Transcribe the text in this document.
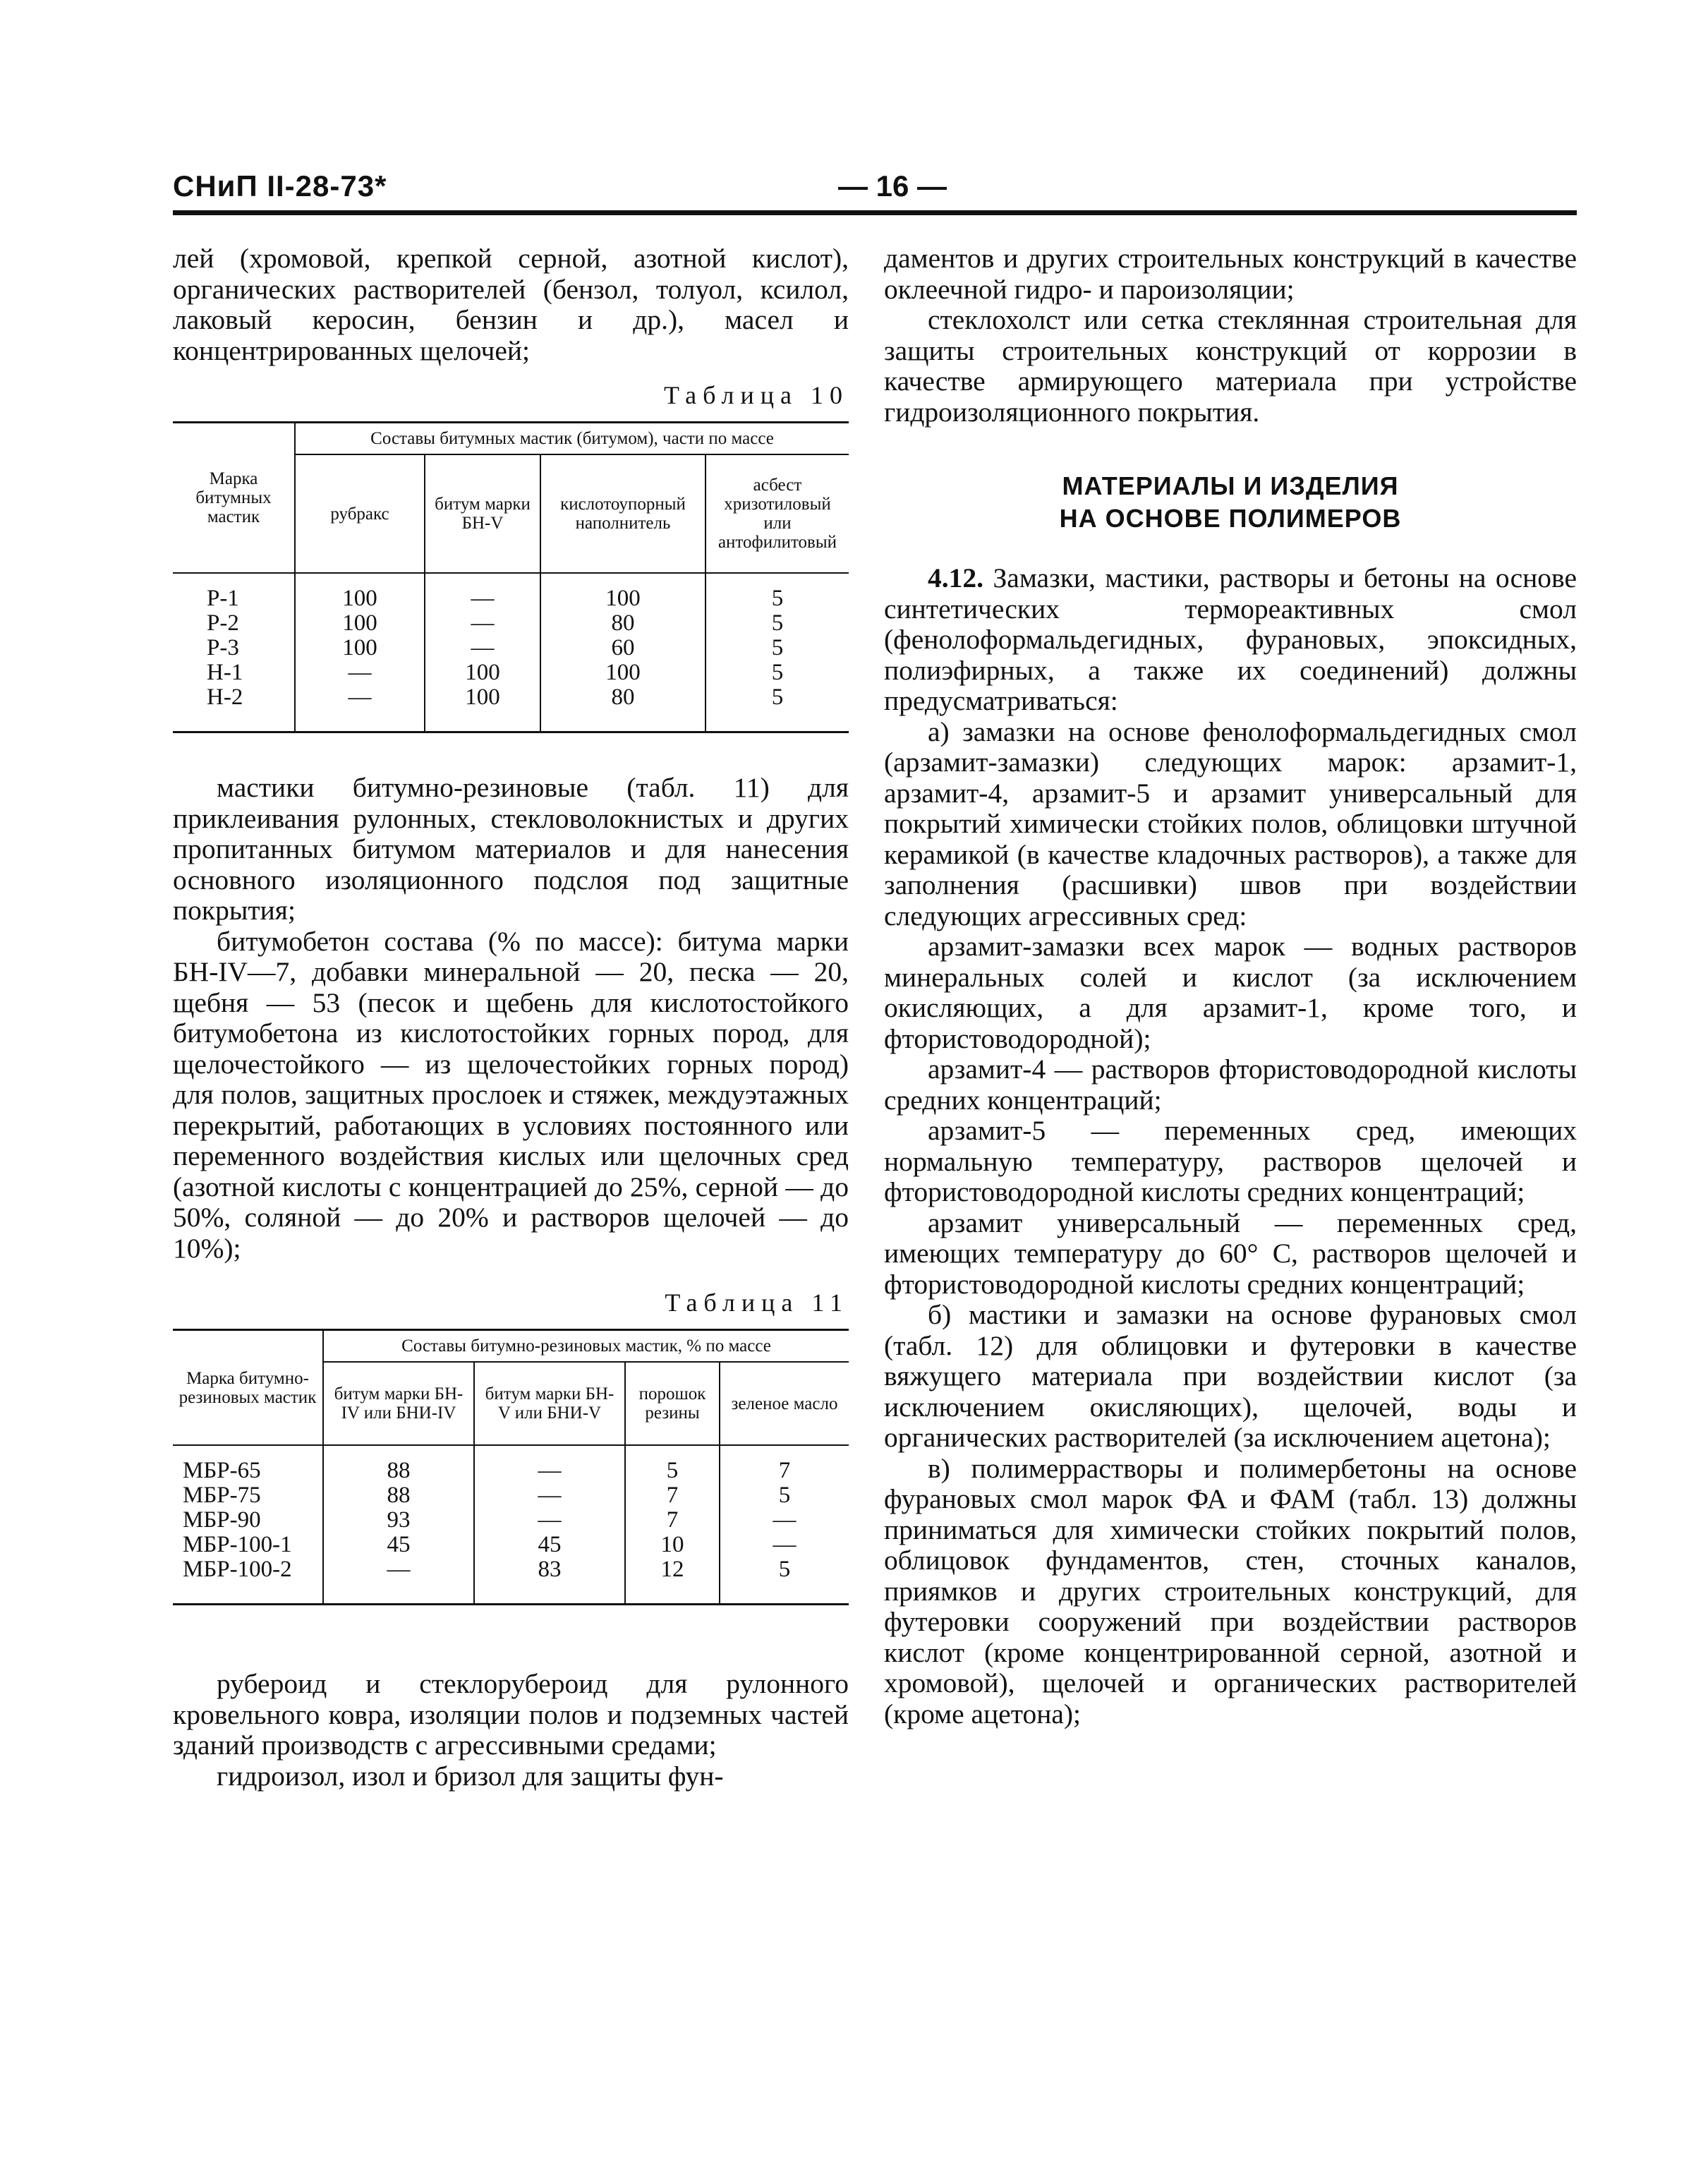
СНиП II-28-73*	— 16 —

лей (хромовой, крепкой серной, азотной кислот), органических растворителей (бензол, толуол, ксилол, лаковый керосин, бензин и др.), масел и концентрированных щелочей;

Таблица 10
Марка битумных мастик	Составы битумных мастик (битумом), части по массе			
	рубракс	битум марки БН-V	кислотоупорный наполнитель	асбест хризотиловый или антофилитовый

Р-1	100	—	100	5
Р-2	100	—	80	5
Р-3	100	—	60	5
Н-1	—	100	100	5
Н-2	—	100	80	5

мастики битумно-резиновые (табл. 11) для приклеивания рулонных, стекловолокнистых и других пропитанных битумом материалов и для нанесения основного изоляционного подслоя под защитные покрытия;

битумобетон состава (% по массе): битума марки БН-IV—7, добавки минеральной — 20, песка — 20, щебня — 53 (песок и щебень для кислотостойкого битумобетона из кислотостойких горных пород, для щелочестойкого — из щелочестойких горных пород) для полов, защитных прослоек и стяжек, междуэтажных перекрытий, работающих в условиях постоянного или переменного воздействия кислых или щелочных сред (азотной кислоты с концентрацией до 25%, серной — до 50%, соляной — до 20% и растворов щелочей — до 10%);

Таблица 11
Марка битумно-резиновых мастик	Составы битумно-резиновых мастик, % по массе			
	битум марки БН-IV или БНИ-IV	битум марки БН-V или БНИ-V	порошок резины	зеленое масло

МБР-65	88	—	5	7
МБР-75	88	—	7	5
МБР-90	93	—	7	—
МБР-100-1	45	45	10	—
МБР-100-2	—	83	12	5

рубероид и стеклорубероид для рулонного кровельного ковра, изоляции полов и подземных частей зданий производств с агрессивными средами;

гидроизол, изол и бризол для защиты фун-

даментов и других строительных конструкций в качестве оклеечной гидро- и пароизоляции;

стеклохолст или сетка стеклянная строительная для защиты строительных конструкций от коррозии в качестве армирующего материала при устройстве гидроизоляционного покрытия.

МАТЕРИАЛЫ И ИЗДЕЛИЯ
НА ОСНОВЕ ПОЛИМЕРОВ

4.12. Замазки, мастики, растворы и бетоны на основе синтетических термореактивных смол (фенолоформальдегидных, фурановых, эпоксидных, полиэфирных, а также их соединений) должны предусматриваться:

а) замазки на основе фенолоформальдегидных смол (арзамит-замазки) следующих марок: арзамит-1, арзамит-4, арзамит-5 и арзамит универсальный для покрытий химически стойких полов, облицовки штучной керамикой (в качестве кладочных растворов), а также для заполнения (расшивки) швов при воздействии следующих агрессивных сред:

арзамит-замазки всех марок — водных растворов минеральных солей и кислот (за исключением окисляющих, а для арзамит-1, кроме того, и фтористоводородной);

арзамит-4 — растворов фтористоводородной кислоты средних концентраций;

арзамит-5 — переменных сред, имеющих нормальную температуру, растворов щелочей и фтористоводородной кислоты средних концентраций;

арзамит универсальный — переменных сред, имеющих температуру до 60° С, растворов щелочей и фтористоводородной кислоты средних концентраций;

б) мастики и замазки на основе фурановых смол (табл. 12) для облицовки и футеровки в качестве вяжущего материала при воздействии кислот (за исключением окисляющих), щелочей, воды и органических растворителей (за исключением ацетона);

в) полимеррастворы и полимербетоны на основе фурановых смол марок ФА и ФАМ (табл. 13) должны приниматься для химически стойких покрытий полов, облицовок фундаментов, стен, сточных каналов, приямков и других строительных конструкций, для футеровки сооружений при воздействии растворов кислот (кроме концентрированной серной, азотной и хромовой), щелочей и органических растворителей (кроме ацетона);
